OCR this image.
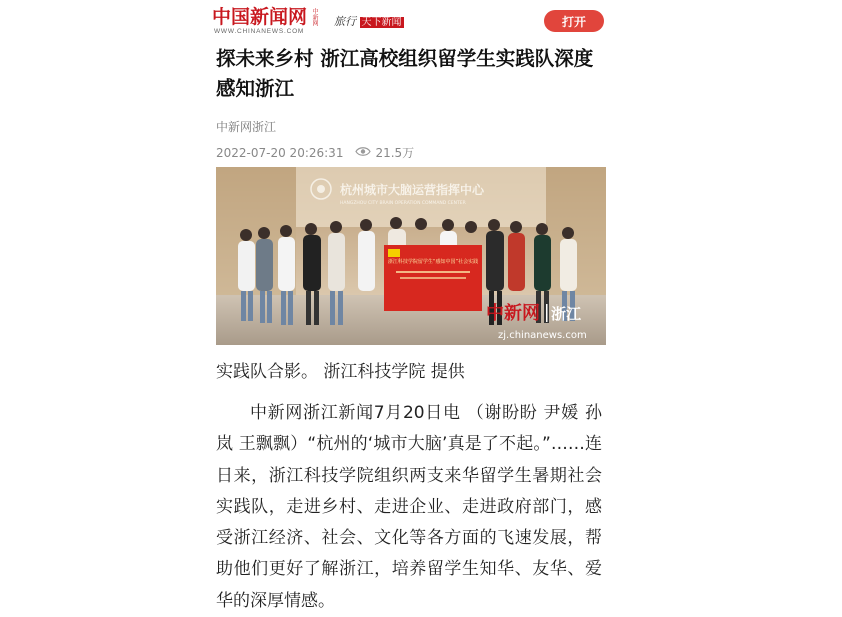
中国新闻网
WWW.CHINANEWS.COM
中新网 旅行 天下新闻	打开
探未来乡村 浙江高校组织留学生实践队深度感知浙江
中新网浙江
2022-07-20 20:26:31	21.5万
杭州城市大脑运营指挥中心
HANGZHOU CITY BRAIN OPERATION COMMAND CENTER
浙江科技学院留学生“感知中国”社会实践
中新网 浙江
zj.chinanews.com
实践队合影。 浙江科技学院 提供

中新网浙江新闻7月20日电 （谢盼盼 尹媛 孙岚 王飘飘）“杭州的‘城市大脑’真是了不起。”……连日来，浙江科技学院组织两支来华留学生暑期社会实践队，走进乡村、走进企业、走进政府部门，感受浙江经济、社会、文化等各方面的飞速发展，帮助他们更好了解浙江，培养留学生知华、友华、爱华的深厚情感。
